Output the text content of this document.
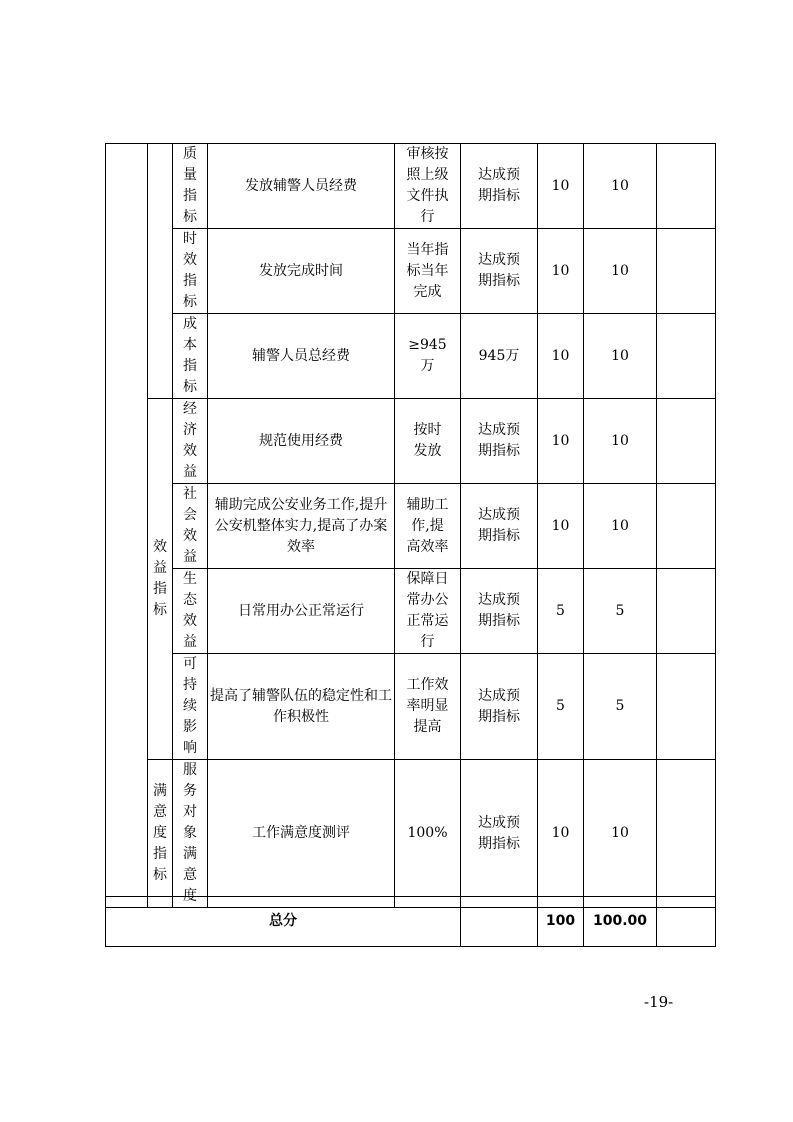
		质量指标	发放辅警人员经费	审核按照上级文件执行	达成预期指标	10	10	

		时效指标	发放完成时间	当年指标当年完成	达成预期指标	10	10	

		成本指标	辅警人员总经费	≥945万	945万	10	10	

	效益指标	经济效益	规范使用经费	按时发放	达成预期指标	10	10	

		社会效益	辅助完成公安业务工作,提升公安机整体实力,提高了办案效率	辅助工作,提高效率	达成预期指标	10	10	

		生态效益	日常用办公正常运行	保障日常办公正常运行	达成预期指标	5	5	

		可持续影响	提高了辅警队伍的稳定性和工作积极性	工作效率明显提高	达成预期指标	5	5	

	满意度指标	服务对象满意度	工作满意度测评	100%	达成预期指标	10	10	
总分		100	100.00	
-19-
